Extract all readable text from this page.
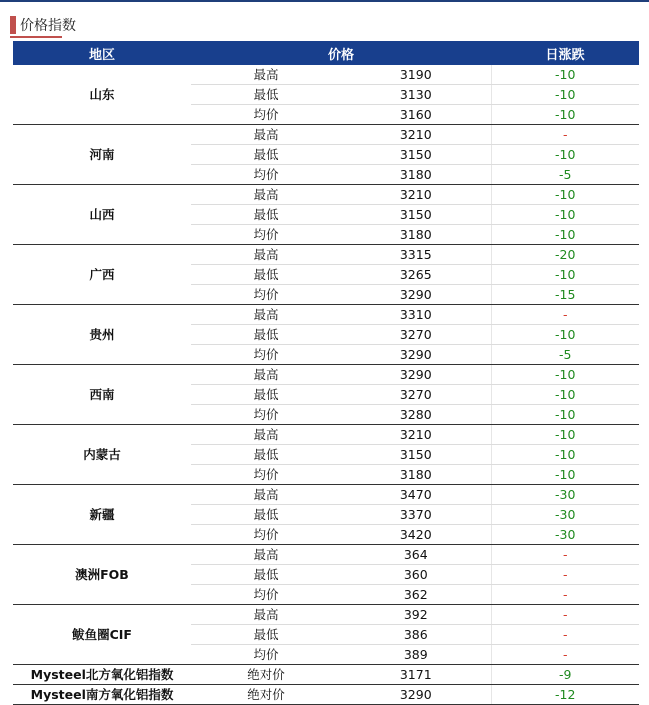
价格指数
地区	价格		日涨跌
山东	最高	3190	-10
	最低	3130	-10
	均价	3160	-10
河南	最高	3210	-
	最低	3150	-10
	均价	3180	-5
山西	最高	3210	-10
	最低	3150	-10
	均价	3180	-10
广西	最高	3315	-20
	最低	3265	-10
	均价	3290	-15
贵州	最高	3310	-
	最低	3270	-10
	均价	3290	-5
西南	最高	3290	-10
	最低	3270	-10
	均价	3280	-10
内蒙古	最高	3210	-10
	最低	3150	-10
	均价	3180	-10
新疆	最高	3470	-30
	最低	3370	-30
	均价	3420	-30
澳洲FOB	最高	364	-
	最低	360	-
	均价	362	-
鲅鱼圈CIF	最高	392	-
	最低	386	-
	均价	389	-
Mysteel北方氧化铝指数	绝对价	3171	-9
Mysteel南方氧化铝指数	绝对价	3290	-12
